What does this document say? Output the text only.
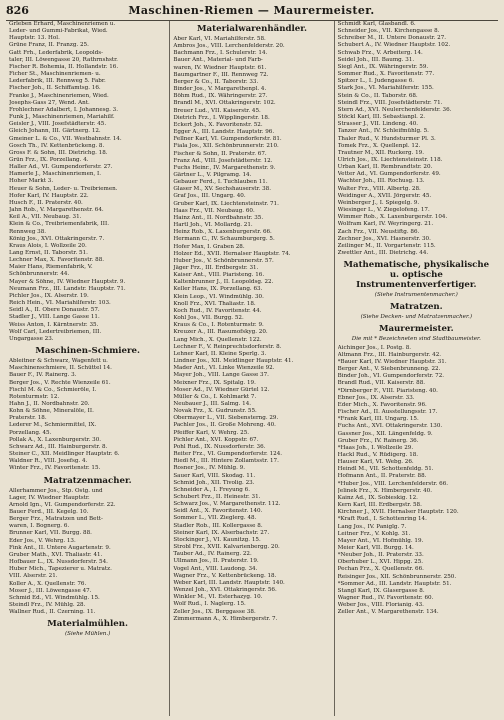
826	Maschinen-Riemen — Maurermeister.
Grleben Erhard, Maschinenriemen u.
Leder- und Gummi-Fabrikat, Wied.
Hauptstr. 13. Hol.
Grüne Franz, II. Franzg. 25.
Gatt Frh., Lederfabrik, Leopolds-
taler, III. Löwengasse 20, Rathrnshstr.
Fischer R. Bohemia, II. Hollandstr. 16.
Ficher St., Maschinenriemen- u.
Lederfabrik, III. Rennweg 5. Fabr.
Fischer Joh., II. Schiffamtsg. 16.
Franke J., Maschinenriemen, Wied.
Josephs-Gass 27, Wend. Ant.
Frohlechner Adalbert, I. Johannesg. 3.
Funk J., Maschinenriemen, Mariahilf.
Geisler J., VIII. Josefstädterstr. 45.
Gleich Johann, III. Gärtnerg. 12.
Gmeiner L. & Co., VII. Westbahnstr. 14.
Gosch Th., IV. Kettenbrückeng. 8.
Gross F. & Sohn, III. Dietrichg. 18.
Grün Frz., IX. Porzellang. 4.
Haller Ad., VI. Gumpendorferstr. 27.
Hamerle J., Maschinenriemen, I.
Hoher Markt 3.
Heuer & Sohn, Leder- u. Treibriemen.
Hofer Karl, IV. Hauptstr. 22.
Husch F., II. Praterstr. 40.
Jahn Rob., V. Margarethenstr. 64.
Keil A., VII. Neubaug. 31.
Klein & Co., Treibriemenfabrik, III.
Rennweg 38.
König Jos., XVI. Ottakringerstr. 7.
Kraus Alois, I. Wollzeile 20.
Lang Ernst, II. Taborstr. 51.
Lechner Max, X. Favoritenstr. 88.
Maier Hans, Riemenfabrik, V.
Schönbrunnerstr. 44.
Mayer & Söhne, IV. Wiedner Hauptstr. 9.
Neumann Frz., III. Landstr. Hauptstr. 71.
Pichler Jos., IX. Alserstr. 19.
Reich Hein., VI. Mariahilferstr. 103.
Seidl A., II. Obere Donaustr. 57.
Stadler J., VIII. Lange Gasse 11.
Weiss Anton, I. Kärntnerstr. 35.
Wolf Carl, Ledertreibriemen, III.
Ungargasse 23.
Maschinen-Schmiere.
Ableitner & Schwarz, Wagenfett u.
Maschinenschmiere, II. Schüttel 14.
Bauer F., IV. Rainerg. 3.
Berger Jos., V. Rechte Wienzeile 61.
Fischl M. & Co., Schmieröle, I.
Rotenturmstr. 12.
Hahn J., II. Nordbahnstr. 20.
Kohn & Söhne, Mineralöle, II.
Praterstr. 18.
Lederer M., Schmiermittel, IX.
Porzellang. 45.
Pollak A., X. Laxenburgerstr. 30.
Schwarz Ad., III. Hainburgerstr. 8.
Steiner C., XII. Meidlinger Hauptstr. 6.
Waldner R., VIII. Josefsg. 4.
Winter Frz., IV. Favoritenstr. 15.
Matratzenmacher.
Allerhammer Jos., Stp. Ostg. und
Lager, IV. Wiedner Hauptstr.
Arnold Ign., VI. Gumpendorferstr. 22.
Bauer Ferd., III. Kegelg. 10.
Berger Frz., Matratzen und Bett-
waren, I. Bognerg. 6.
Brunner Karl, VII. Burgg. 88.
Eder Jos., V. Wehrg. 13.
Fink Ant., II. Untere Augartenstr. 9.
Gruber Math., XVI. Thaliastr. 41.
Hofbauer L., IX. Nussdorferstr. 54.
Huber Mich., Tapezierer u. Matratz.
VIII. Alserstr. 21.
Koller A., X. Quellenstr. 76.
Moser J., III. Löwengasse 47.
Schmid Ed., VI. Windmühlg. 15.
Steindl Frz., IV. Mühlg. 28.
Wallner Rud., II. Czerning. 11.
Materialmühlen.
(Siehe Mühlen.)
Materialwarenhändler.
Aber Karl, VI. Mariahilferstr. 58.
Ambros Jos., VIII. Lerchenfelderstr. 20.
Bachmann Frz., I. Schulerstr. 14.
Bauer Ant., Material- und Farb-
waren, IV. Wiedner Hauptstr. 61.
Baumgartner F., III. Rennweg 72.
Berger & Co., II. Taborstr. 33.
Binder Jos., V. Margarethenpl. 4.
Böhm Rud., IX. Währingerstr. 27.
Brandl M., XVI. Ottakringerstr. 102.
Breuer Lud., VII. Kaiserstr. 45.
Dietrich Frz., I. Wipplingerstr. 18.
Eckert Joh., X. Favoritenstr. 52.
Egger A., III. Landstr. Hauptstr. 96.
Fellner Karl, VI. Gumpendorferstr. 81.
Fiala Jos., XII. Schönbrunnerstr. 210.
Fischer & Sohn, II. Praterstr. 67.
Franz Ad., VIII. Josefstädterstr. 12.
Fuchs Heinr., IV. Margarethenstr. 9.
Gärtner L., V. Pilgramg. 14.
Gebauer Ferd., I. Tuchlauben 11.
Glaser M., XV. Sechshauserstr. 38.
Graf Jos., III. Ungarg. 40.
Gruber Karl, IX. Liechtensteinstr. 71.
Haas Frz., VII. Neubaug. 60.
Hainz Ant., II. Nordbahnstr. 35.
Hartl Joh., VI. Mollardg. 21.
Heinz Rob., X. Laxenburgerstr. 66.
Hermann C., IV. Schaumburgerg. 5.
Hofer Max, I. Graben 28.
Holzer Ed., XVII. Hernalser Hauptstr. 74.
Huber Jos., V. Schönbrunnerstr. 57.
Jäger Frz., III. Erdbergstr. 31.
Kaiser Ant., VIII. Piaristeng. 16.
Kaltenbrunner J., II. Leopoldsg. 22.
Keller Hans, IX. Porzellang. 63.
Klein Leop., VI. Windmühlg. 30.
Knoll Frz., XVI. Thaliastr. 18.
Koch Rud., IV. Favoritenstr. 44.
Kohl Jos., VII. Burgg. 52.
Kraus & Co., I. Rotenturmstr. 9.
Kreuzer A., III. Rasumofskyg. 20.
Lang Mich., X. Quellenstr. 122.
Lechner F., V. Reinprechtsdorferstr. 8.
Lehner Karl, II. Kleine Sperlg. 3.
Lindner Jos., XII. Meidlinger Hauptstr. 41.
Mader Ant., VI. Linke Wienzeile 92.
Mayer Joh., VIII. Lange Gasse 37.
Meixner Frz., IX. Spitalg. 19.
Moser Ad., IV. Wiedner Gürtel 12.
Müller & Co., I. Kohlmarkt 7.
Neubauer J., III. Salmg. 14.
Novak Frz., X. Gudrunstr. 55.
Obermayer L., VII. Siebensterng. 29.
Pachler Jos., II. Große Mohreng. 40.
Pfeiffer Karl, V. Wehrg. 25.
Pichler Ant., XVI. Koppstr. 67.
Pohl Rud., IX. Nussdorferstr. 36.
Reiter Frz., VI. Gumpendorferstr. 124.
Riedl M., III. Hintere Zollamtsstr. 17.
Rosner Jos., IV. Mühlg. 9.
Sauer Karl, VIII. Skodag. 11.
Schmid Joh., XII. Tivolig. 23.
Schneider A., I. Freyung 6.
Schubert Frz., II. Heinestr. 31.
Schwarz Jos., V. Margarethenstr. 112.
Seidl Ant., X. Favoritenstr. 140.
Sommer L., VII. Zieglerg. 48.
Stadler Rob., III. Kollergasse 8.
Steiner Karl, IX. Alserbachstr. 27.
Stockinger J., VI. Kaunitzg. 15.
Strobl Frz., XVII. Kalvarienbergg. 20.
Tauber Ad., IV. Rainerg. 22.
Ullmann Jos., II. Praterstr. 19.
Vogel Ant., VIII. Laudong. 34.
Wagner Frz., V. Kettenbrückeng. 18.
Weber Karl, III. Landstr. Hauptstr. 140.
Wenzel Joh., XVI. Ottakringerstr. 56.
Winkler M., VI. Esterhazyg. 10.
Wolf Rud., I. Naglerg. 15.
Zeller Jos., IX. Berggasse 38.
Zimmermann A., X. Himbergerstr. 7.
Schmidt Karl, Glasbandl. 6.
Schneider Jos., VII. Kirchengasse 8.
Schreiber M., II. Untere Donaustr. 27.
Schubert A., IV. Wiedner Hauptstr. 102.
Schwab Frz., V. Arbeiterg. 14.
Seidel Joh., III. Baumg. 31.
Siegl Ant., IX. Währingerstr. 59.
Sommer Rud., X. Favoritenstr. 77.
Spitzer L., I. Judengasse 6.
Stark Jos., VI. Mariahilferstr. 155.
Stein & Co., II. Taborstr. 68.
Steindl Frz., VIII. Josefstädterstr. 71.
Stern Ad., XVI. Neulerchenfelderstr. 36.
Stöckl Karl, III. Sebastianpl. 2.
Strasser J., VII. Lindeng. 40.
Tanzer Ant., IV. Schleifmühlg. 5.
Thaler Rud., V. Hundsturmer Pl. 3.
Tomek Frz., X. Quellenpl. 12.
Trautner M., XII. Ruckerg. 19.
Ulrich Jos., IX. Liechtensteinstr. 118.
Urban Karl, II. Rembrandtstr. 20.
Vetter Ad., VI. Gumpendorferstr. 49.
Wachter Joh., III. Rochusg. 13.
Walter Frz., VIII. Albertg. 28.
Weidinger A., XVII. Jörgerstr. 45.
Weinberger J., I. Spiegelg. 9.
Wiesinger L., V. Ziegelofeng. 17.
Wimmer Rob., X. Laxenburgerstr. 104.
Wolfram Karl, IV. Weyringerg. 21.
Zach Frz., VII. Neustiftg. 86.
Zechner Jos., XVI. Hasnerstr. 30.
Zeilinger M., II. Vorgartenstr. 115.
Zwettler Ant., III. Dietrichg. 44.
Mathematische, physikalische u. optische Instrumentenverfertiger.
(Siehe Instrumentenmacher.)
Matratzen.
(Siehe Decken- und Matratzenmacher.)
Maurermeister.
Die mit * Bezeichneten sind Stadtbaumeister.
Aichinger Jos., I. Postg. 8.
Altmann Frz., III. Hainburgerstr. 42.
*Bauer Karl, IV. Wiedner Hauptstr. 31.
Berger Ant., V. Siebenbrunneng. 22.
Binder Joh., VI. Gumpendorferstr. 72.
Brandl Rud., VII. Kaiserstr. 88.
*Dirnberger F., VIII. Piaristeng. 40.
Ebner Jos., IX. Alserstr. 33.
Eder Mich., X. Favoritenstr. 96.
Fischer Ad., II. Ausstellungsstr. 17.
*Frank Karl, III. Ungarg. 15.
Fuchs Ant., XVI. Ottakringerstr. 130.
Gassner Jos., XII. Längenfeldg. 9.
Gruber Frz., IV. Rainerg. 36.
*Haas Joh., I. Wollzeile 29.
Hackl Rud., V. Rüdigerg. 18.
Hauser Karl, VI. Webg. 26.
Heindl M., VII. Schottenfeldg. 51.
Hofmann Ant., II. Praterstr. 88.
*Huber Jos., VIII. Lerchenfelderstr. 66.
Jelinek Frz., X. Himbergerstr. 40.
Kainz Ad., IX. Sobieskig. 12.
Kern Karl, III. Erdbergstr. 58.
Kirchner J., XVII. Hernalser Hauptstr. 120.
*Kraft Rud., I. Schottenring 14.
Lang Jos., IV. Paniglg. 7.
Leitner Frz., V. Kohlg. 31.
Mayer Ant., VI. Hofmühlg. 19.
Meier Karl, VII. Burgg. 14.
*Neuber Joh., II. Praterstr. 33.
Oberhuber L., XVI. Hippg. 25.
Pechan Frz., X. Quellenstr. 66.
Reisinger Jos., XII. Schönbrunnerstr. 250.
*Sommer Ad., III. Landstr. Hauptstr. 51.
Stangl Karl, IX. Glasergasse 8.
Wagner Rud., IV. Favoritenstr. 60.
Weber Jos., VIII. Florianig. 43.
Zeller Ant., V. Margarethenstr. 134.
